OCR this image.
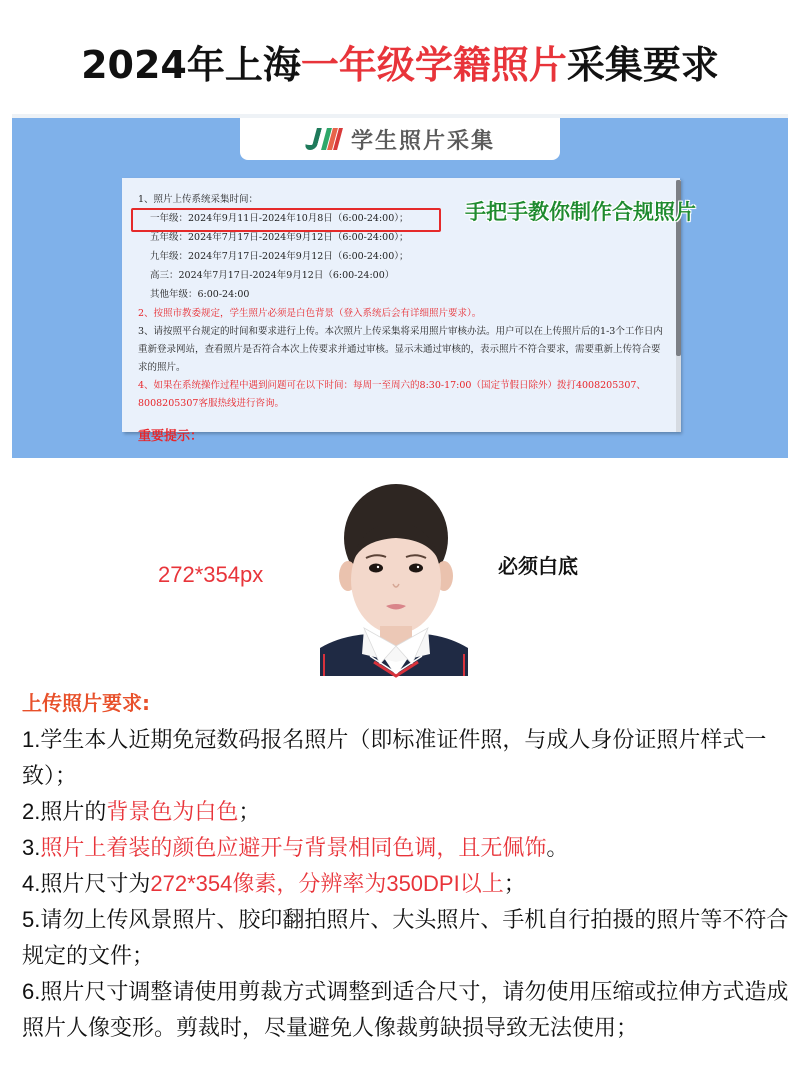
2024年上海一年级学籍照片采集要求
学生照片采集

1、照片上传系统采集时间：

一年级：2024年9月11日-2024年10月8日（6:00-24:00）；

五年级：2024年7月17日-2024年9月12日（6:00-24:00）；

九年级：2024年7月17日-2024年9月12日（6:00-24:00）；

高三：2024年7月17日-2024年9月12日（6:00-24:00）

其他年级：6:00-24:00

2、按照市教委规定，学生照片必须是白色背景（登入系统后会有详细照片要求）。

3、请按照平台规定的时间和要求进行上传。本次照片上传采集将采用照片审核办法。用户可以在上传照片后的1-3个工作日内重新登录网站，查看照片是否符合本次上传要求并通过审核。显示未通过审核的，表示照片不符合要求，需要重新上传符合要求的照片。

4、如果在系统操作过程中遇到问题可在以下时间：每周一至周六的8:30-17:00（国定节假日除外）拨打4008205307、8008205307客服热线进行咨询。

重要提示：

手把手教你制作合规照片
272*354px	必须白底
上传照片要求:
1.学生本人近期免冠数码报名照片（即标准证件照，与成人身份证照片样式一致）；
2.照片的背景色为白色；
3.照片上着装的颜色应避开与背景相同色调，且无佩饰。
4.照片尺寸为272*354像素，分辨率为350DPI以上；
5.请勿上传风景照片、胶印翻拍照片、大头照片、手机自行拍摄的照片等不符合规定的文件；
6.照片尺寸调整请使用剪裁方式调整到适合尺寸，请勿使用压缩或拉伸方式造成照片人像变形。剪裁时，尽量避免人像裁剪缺损导致无法使用；
